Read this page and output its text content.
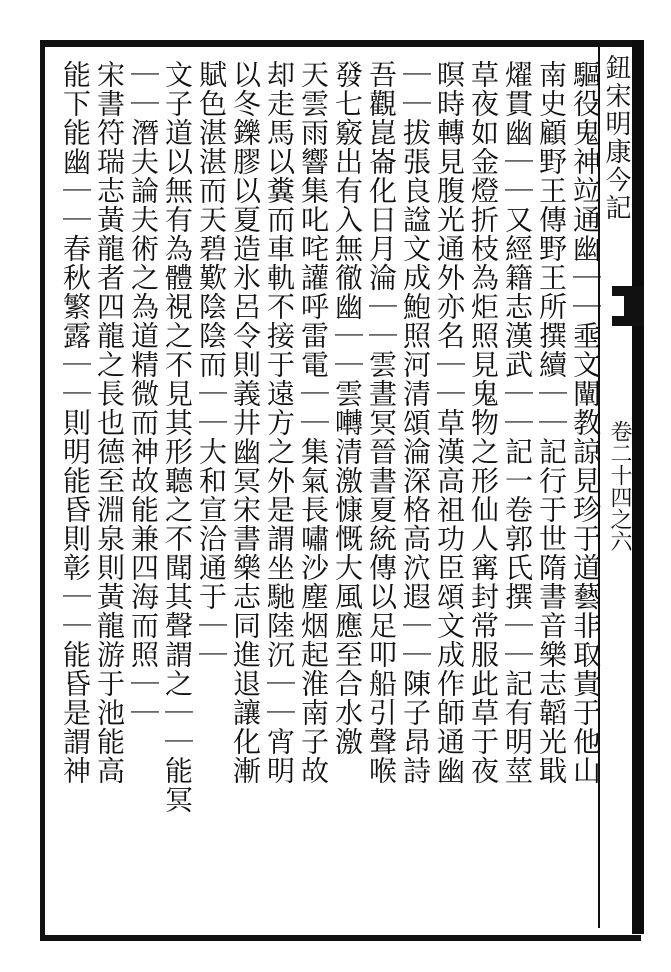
鈕宋明康今記
卷二十四之六
驅役鬼神竝通幽｜｜埀文闡教諒見珍于道藝非取貴于他山
南史顧野王傳野王所撰續｜｜記行于世隋書音樂志韜光戢
燿貫幽｜｜又經籍志漢武｜｜記一卷郭氏撰｜｜記有明莖
草夜如金燈折枝為炬照見鬼物之形仙人寗封常服此草于夜
暝時轉見腹光通外亦名｜｜草漢高祖功臣頌文成作師通幽
｜｜拔張良諡文成鮑照河清頌淪深格高泬遐｜｜陳子昂詩
吾觀崑崙化日月淪｜｜雲晝冥晉書夏統傳以足叩船引聲喉
發七竅出有入無徹幽｜｜雲囀清激慷慨大風應至合水激
天雲雨響集叱咤讙呼雷電｜｜集氣長嘯沙塵烟起淮南子故
却走馬以糞而車軌不接于遠方之外是謂坐馳陸沉｜｜宵明
以冬鑠膠以夏造氷呂令則義井幽冥宋書樂志同進退讓化漸
賦色湛湛而天碧歎陰陰而｜｜大和宣洽通于｜｜
文子道以無有為體視之不見其形聽之不聞其聲謂之｜｜能冥
｜｜潛夫論夫術之為道精微而神故能兼四海而照｜｜
宋書符瑞志黃龍者四龍之長也德至淵泉則黃龍游于池能高
能下能幽｜｜春秋繁露｜｜則明能昏則彰｜｜能昏是謂神
